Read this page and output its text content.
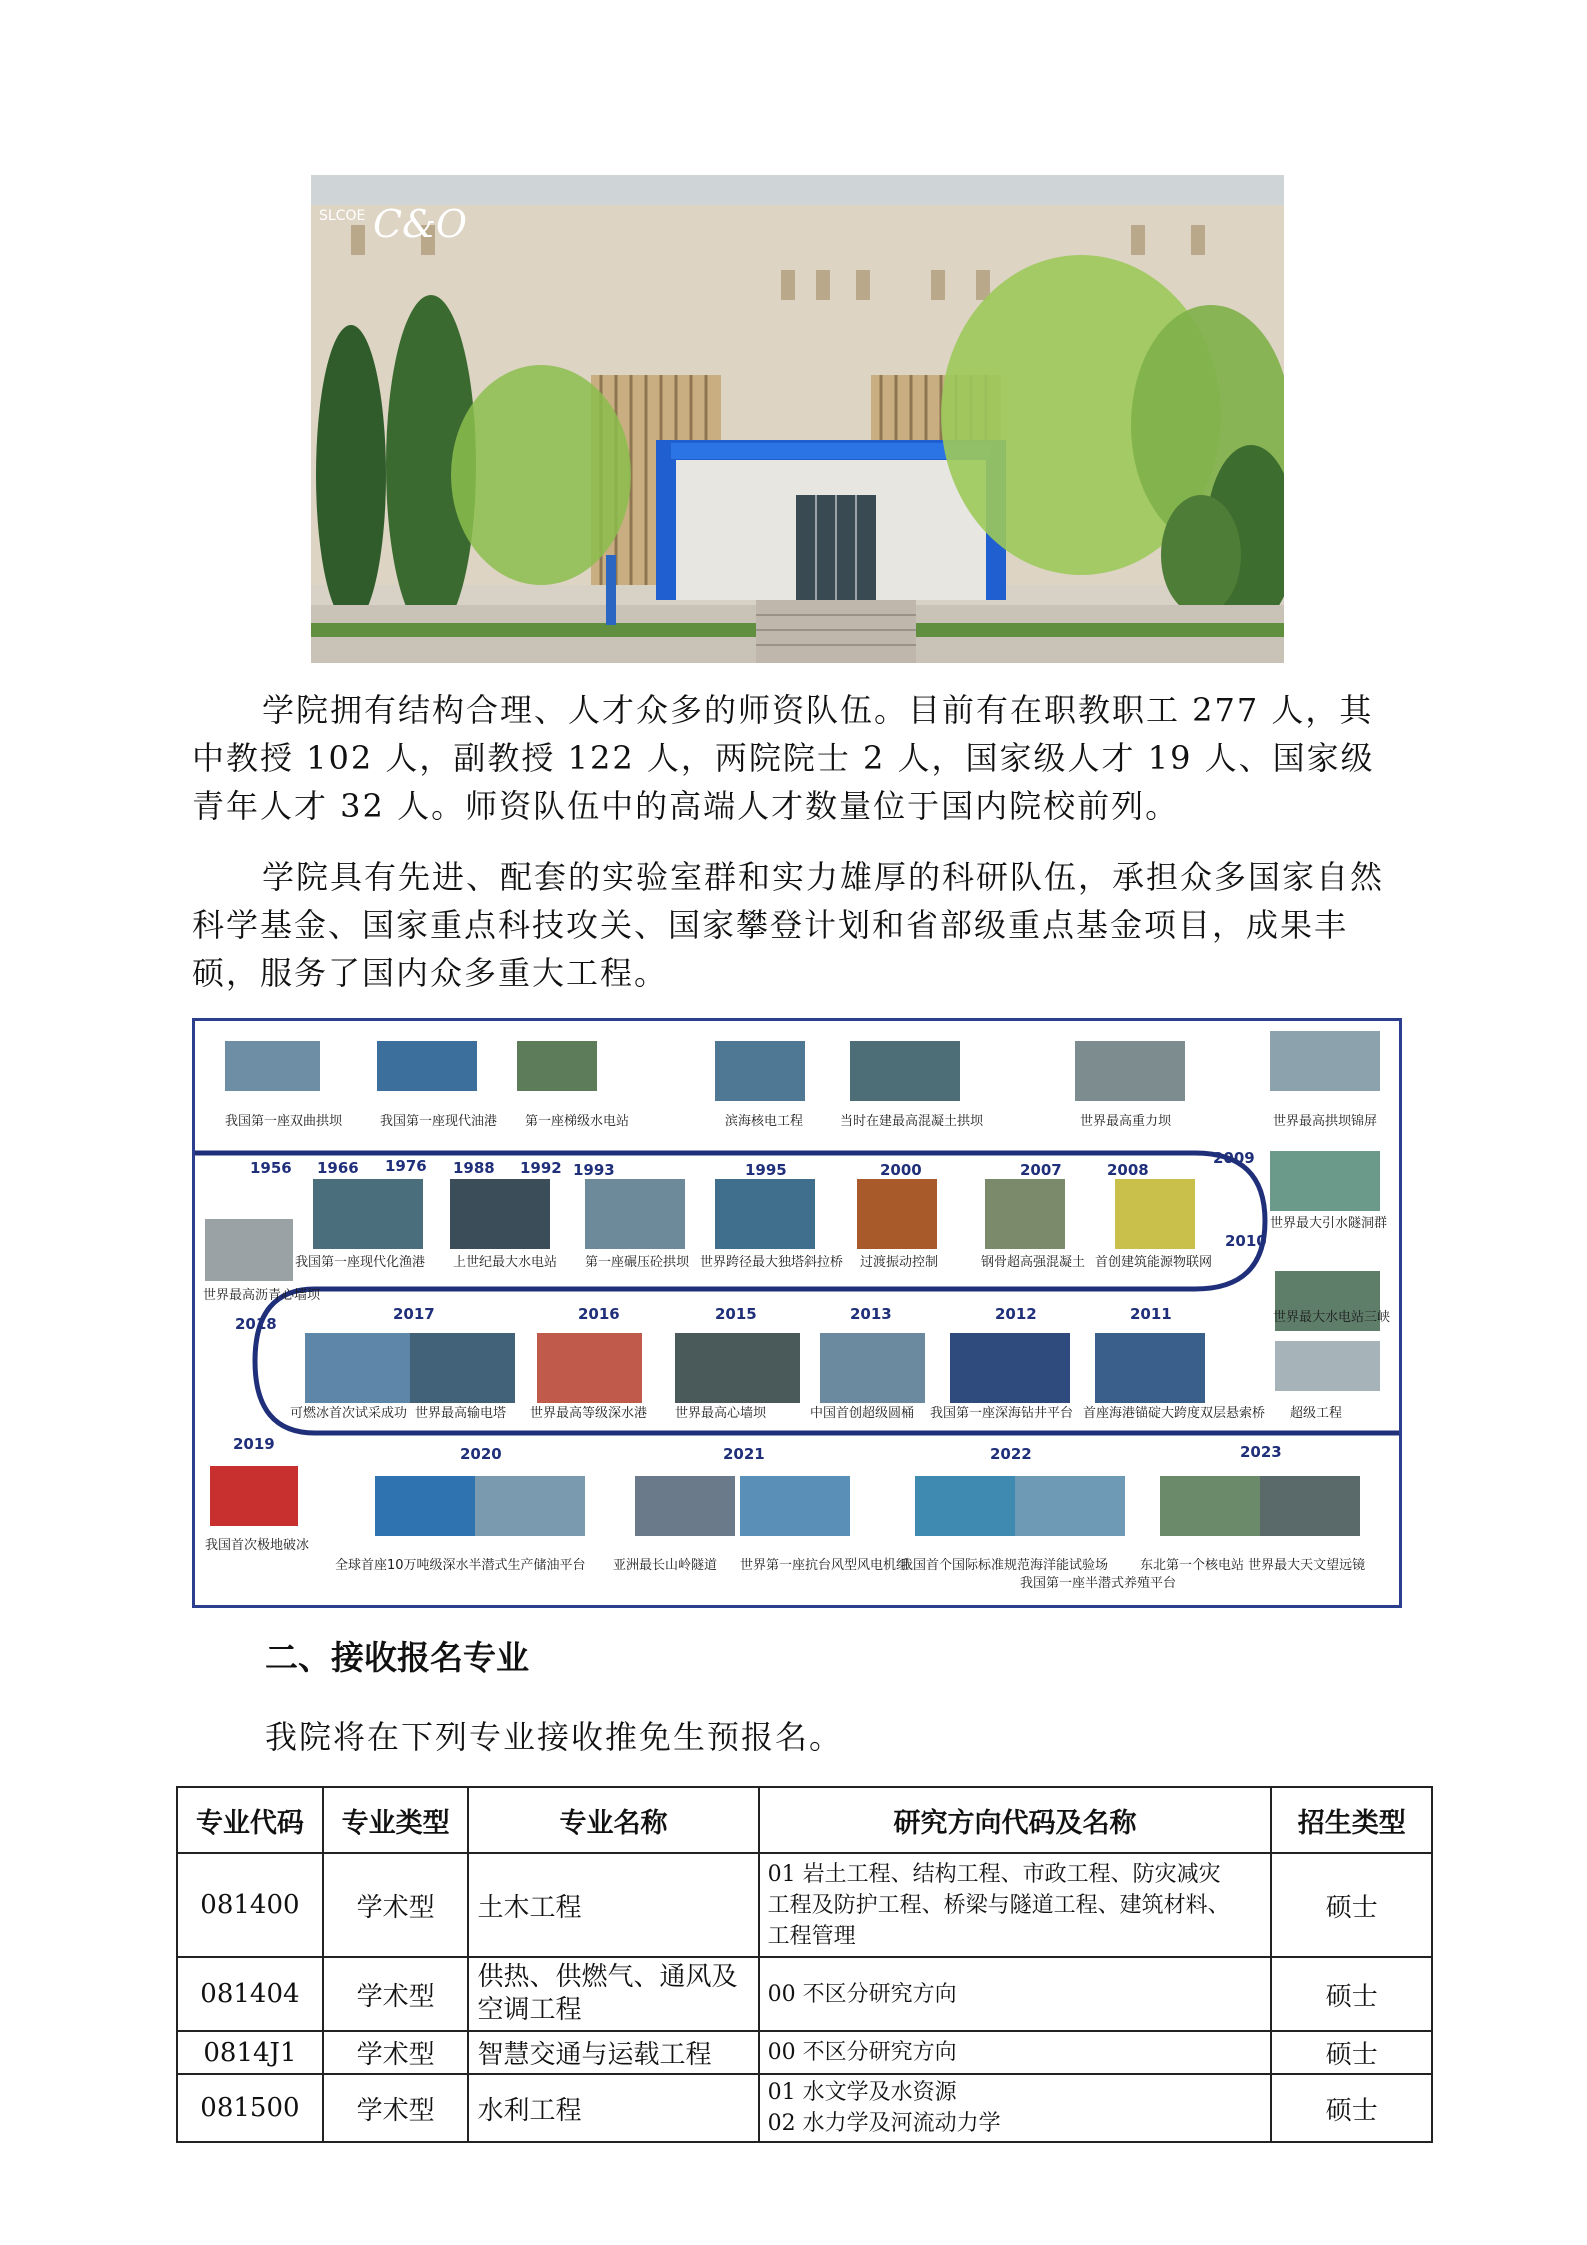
SLCOE C&O
学院拥有结构合理、人才众多的师资队伍。目前有在职教职工 277 人，其中教授 102 人，副教授 122 人，两院院士 2 人，国家级人才 19 人、国家级青年人才 32 人。师资队伍中的高端人才数量位于国内院校前列。
学院具有先进、配套的实验室群和实力雄厚的科研队伍，承担众多国家自然科学基金、国家重点科技攻关、国家攀登计划和省部级重点基金项目，成果丰硕，服务了国内众多重大工程。
1956 1966 1976 1988 1992 1993	1995	2000	2007	2008
2009
我国第一座双曲拱坝	我国第一座现代油港 第一座梯级水电站	滨海核电工程	当时在建最高混凝土拱坝	世界最高重力坝	世界最高拱坝锦屏
2018
2017	2016	2015	2013	2012	2011
2010
世界最高沥青心墙坝
我国第一座现代化渔港 上世纪最大水电站 第一座碾压砼拱坝 世界跨径最大独塔斜拉桥 过渡振动控制	钢骨超高强混凝土 首创建筑能源物联网
世界最大引水隧洞群
2019
可燃冰首次试采成功 世界最高输电塔 世界最高等级深水港 世界最高心墙坝	中国首创超级圆桶 我国第一座深海钻井平台 首座海港锚碇大跨度双层悬索桥 超级工程
世界最大水电站三峡
2020	2021	2022	2023
全球首座10万吨级深水半潜式生产储油平台 亚洲最长山岭隧道 世界第一座抗台风型风电机组
我国首个国际标准规范海洋能试验场
我国第一座半潜式养殖平台
东北第一个核电站 世界最大天文望远镜
我国首次极地破冰
二、接收报名专业
我院将在下列专业接收推免生预报名。
专业代码	专业类型	专业名称	研究方向代码及名称	招生类型
081400	学术型	土木工程	01 岩土工程、结构工程、市政工程、防灾减灾
工程及防护工程、桥梁与隧道工程、建筑材料、
工程管理	硕士
081404	学术型	供热、供燃气、通风及空调工程	00 不区分研究方向	硕士
0814J1	学术型	智慧交通与运载工程	00 不区分研究方向	硕士
081500	学术型	水利工程	01 水文学及水资源
02 水力学及河流动力学	硕士
